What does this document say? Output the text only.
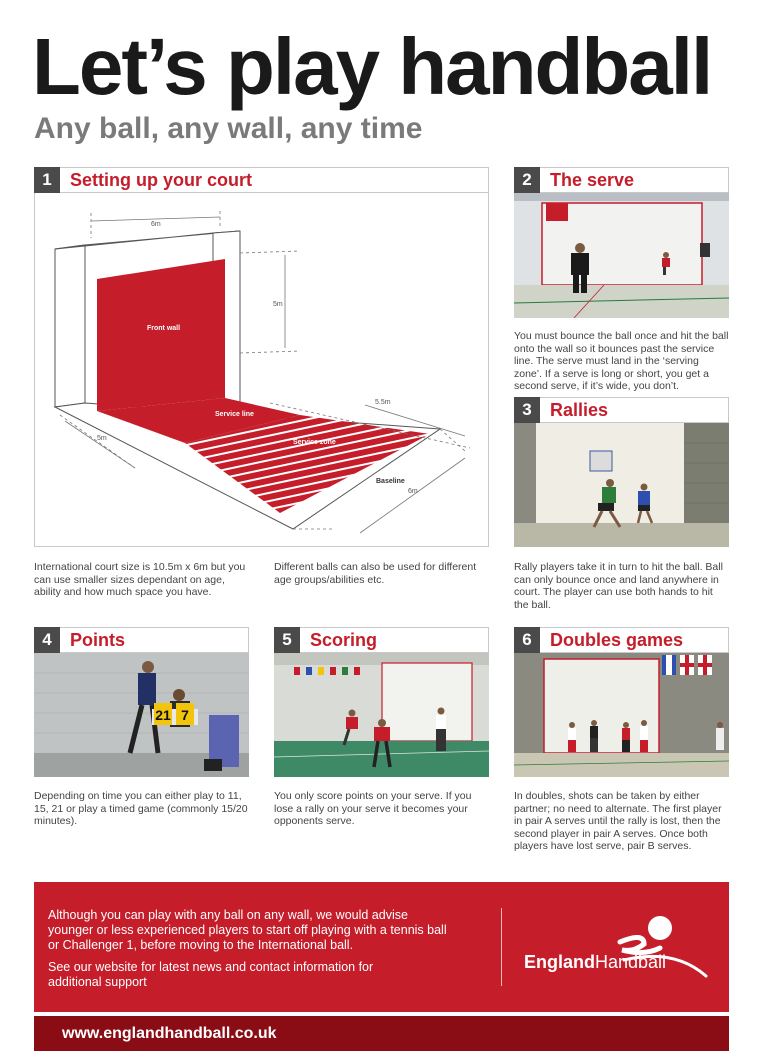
Let’s play handball
Any ball, any wall, any time
1	Setting up your court
6m
5m
5m
5.5m
6m
Front wall
Service line
Service zone
Baseline
International court size is 10.5m x 6m but you can use smaller sizes dependant on age, ability and how much space you have.
Different balls can also be used for different age groups/abilities etc.
2	The serve
You must bounce the ball once and hit the ball onto the wall so it bounces past the service line. The serve must land in the ‘serving zone’. If a serve is long or short, you get a second serve, if it’s wide, you don’t.
3	Rallies
Rally players take it in turn to hit the ball. Ball can only bounce once and land anywhere in court. The player can use both hands to hit the ball.
4	Points
21 7
Depending on time you can either play to 11, 15, 21 or play a timed game (commonly 15/20 minutes).
5	Scoring
You only score points on your serve. If you lose a rally on your serve it becomes your opponents serve.
6	Doubles games
In doubles, shots can be taken by either partner; no need to alternate. The first player in pair A serves until the rally is lost, then the second player in pair A serves. Once both players have lost serve, pair B serves.
Although you can play with any ball on any wall, we would advise younger or less experienced players to start off playing with a tennis ball or Challenger 1, before moving to the International ball.
See our website for latest news and contact information for additional support
EnglandHandball
www.englandhandball.co.uk
